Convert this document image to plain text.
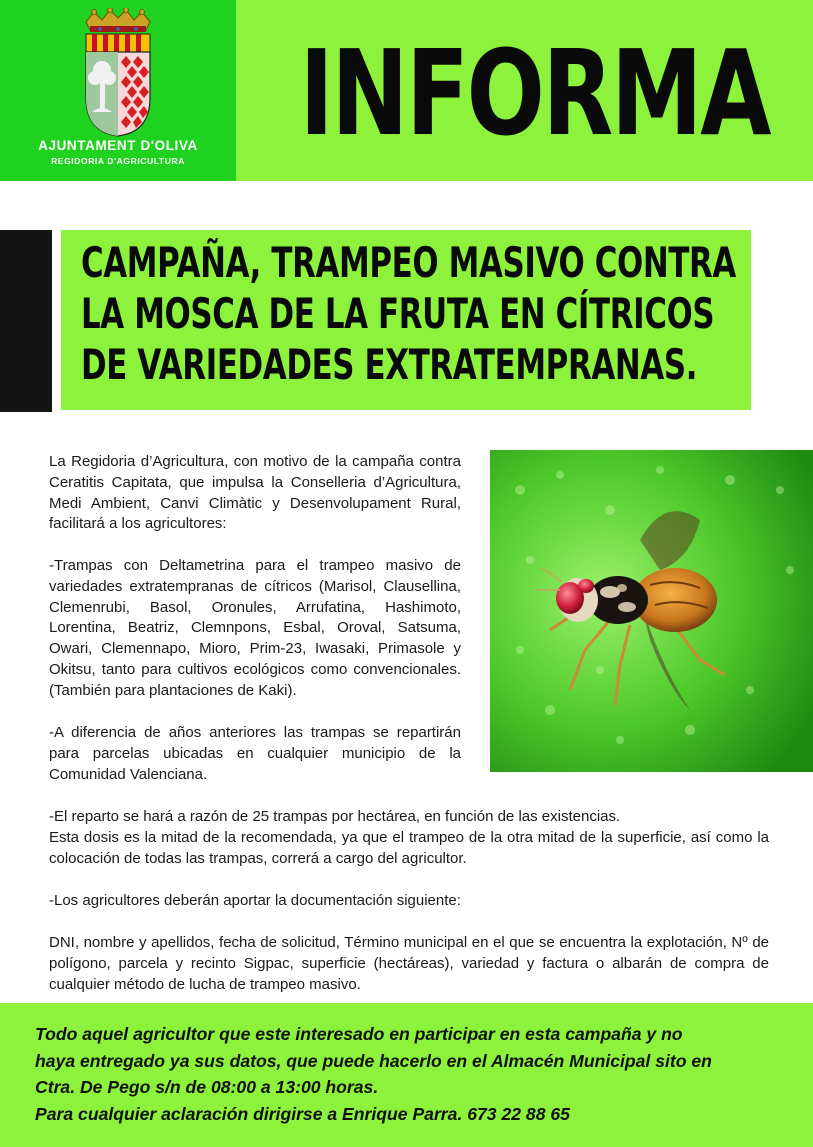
AJUNTAMENT D'OLIVA
REGIDORIA D'AGRICULTURA INFORMA
CAMPAÑA, TRAMPEO MASIVO CONTRA
LA MOSCA DE LA FRUTA EN CÍTRICOS
DE VARIEDADES EXTRATEMPRANAS.

La Regidoria d’Agricultura, con motivo de la campaña contra Ceratitis Capitata, que impulsa la Conselleria d’Agricultura, Medi Ambient, Canvi Climàtic y Desenvolupament Rural, facilitará a los agricultores:

-Trampas con Deltametrina para el trampeo masivo de variedades extratempranas de cítricos (Marisol, Clausellina, Clemenrubi, Basol, Oronules, Arrufatina, Hashimoto, Lorentina, Beatriz, Clemnpons, Esbal, Oroval, Satsuma, Owari, Clemennapo, Mioro, Prim-23, Iwasaki, Primasole y Okitsu, tanto para cultivos ecológicos como convencionales. (También para plantaciones de Kaki).

-A diferencia de años anteriores las trampas se repartirán para parcelas ubicadas en cualquier municipio de la Comunidad Valenciana.

-El reparto se hará a razón de 25 trampas por hectárea, en función de las existencias.

Esta dosis es la mitad de la recomendada, ya que el trampeo de la otra mitad de la superficie, así como la colocación de todas las trampas, correrá a cargo del agricultor.

-Los agricultores deberán aportar la documentación siguiente:

DNI, nombre y apellidos, fecha de solicitud, Término municipal en el que se encuentra la explotación, Nº de polígono, parcela y recinto Sigpac, superficie (hectáreas), variedad y factura o albarán de compra de cualquier método de lucha de trampeo masivo.

Todo aquel agricultor que este interesado en participar en esta campaña y no
haya entregado ya sus datos, que puede hacerlo en el Almacén Municipal sito en
Ctra. De Pego s/n de 08:00 a 13:00 horas.
Para cualquier aclaración dirigirse a Enrique Parra. 673 22 88 65
